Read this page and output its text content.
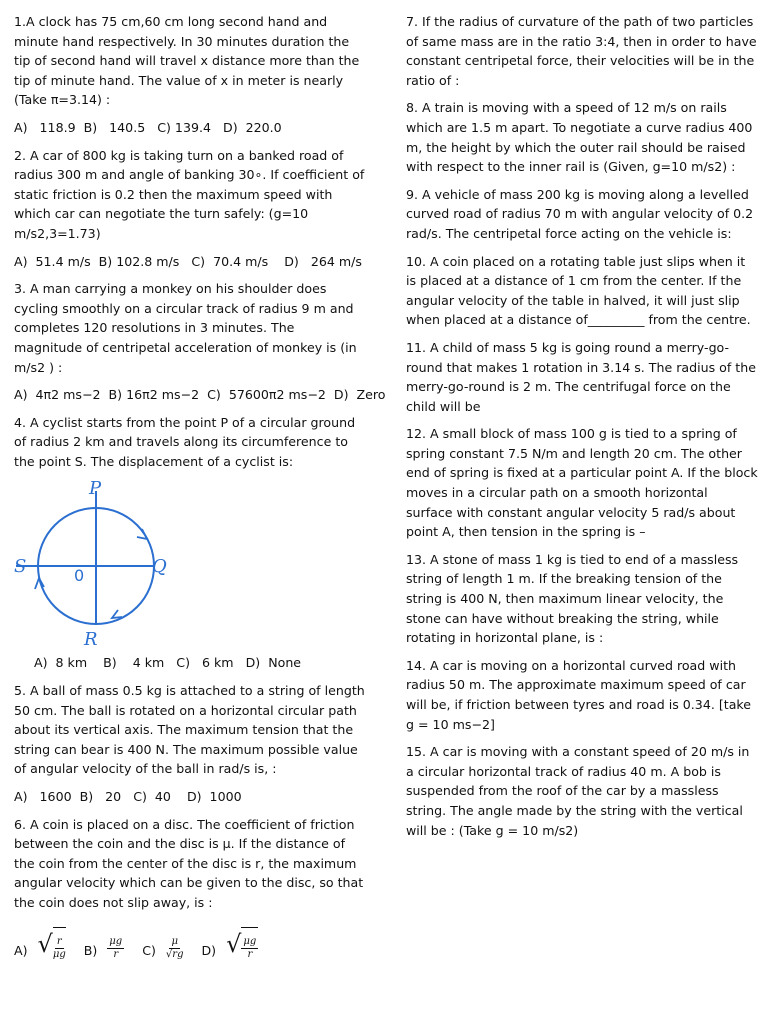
1.A clock has 75 cm,60 cm long second hand and minute hand respectively. In 30 minutes duration the tip of second hand will travel x distance more than the tip of minute hand. The value of x in meter is nearly

(Take π=3.14) :

A)   118.9  B)   140.5   C) 139.4   D)  220.0

2. A car of 800 kg is taking turn on a banked road of radius 300 m and angle of banking 30∘. If coefficient of static friction is 0.2 then the maximum speed with which car can negotiate the turn safely: (g=10 m/s2,3=1.73)

A)  51.4 m/s  B) 102.8 m/s   C)  70.4 m/s    D)   264 m/s

3. A man carrying a monkey on his shoulder does cycling smoothly on a circular track of radius 9 m and completes 120 resolutions in 3 minutes. The magnitude of centripetal acceleration of monkey is (in m/s2 ) :

A)  4π2 ms−2  B) 16π2 ms−2  C)  57600π2 ms−2  D)  Zero

4. A cyclist starts from the point P of a circular ground of radius 2 km and travels along its circumference to the point S. The displacement of a cyclist is:

P
Q
R
S	0
A)  8 km    B)    4 km   C)   6 km   D)  None

5. A ball of mass 0.5 kg is attached to a string of length 50 cm. The ball is rotated on a horizontal circular path about its vertical axis. The maximum tension that the string can bear is 400 N. The maximum possible value of angular velocity of the ball in rad/s is, :

A)   1600  B)   20   C)  40    D)  1000

6. A coin is placed on a disc. The coefficient of friction between the coin and the disc is μ. If the distance of the coin from the center of the disc is r, the maximum angular velocity which can be given to the disc, so that the coin does not slip away, is :

A) √ $\frac{r}{\mu g} B) \frac{\mu g}{r} C) \frac{\mu}{√rg} D$) √ $\frac{\mu g}{r}$

7. If the radius of curvature of the path of two particles of same mass are in the ratio 3:4, then in order to have constant centripetal force, their velocities will be in the ratio of :

8. A train is moving with a speed of 12 m/s on rails which are 1.5 m apart. To negotiate a curve radius 400 m, the height by which the outer rail should be raised with respect to the inner rail is (Given, g=10 m/s2) :

9. A vehicle of mass 200 kg is moving along a levelled curved road of radius 70 m with angular velocity of 0.2 rad/s. The centripetal force acting on the vehicle is:

10. A coin placed on a rotating table just slips when it is placed at a distance of 1 cm from the center. If the angular velocity of the table in halved, it will just slip when placed at a distance of_________ from the centre.

11. A child of mass 5 kg is going round a merry-go-round that makes 1 rotation in 3.14 s. The radius of the merry-go-round is 2 m. The centrifugal force on the child will be

12. A small block of mass 100 g is tied to a spring of spring constant 7.5 N/m and length 20 cm. The other end of spring is fixed at a particular point A. If the block moves in a circular path on a smooth horizontal surface with constant angular velocity 5 rad/s about point A, then tension in the spring is –

13. A stone of mass 1 kg is tied to end of a massless string of length 1 m. If the breaking tension of the string is 400 N, then maximum linear velocity, the stone can have without breaking the string, while rotating in horizontal plane, is :

14. A car is moving on a horizontal curved road with radius 50 m. The approximate maximum speed of car will be, if friction between tyres and road is 0.34. [take g = 10 ms−2]

15. A car is moving with a constant speed of 20 m/s in a circular horizontal track of radius 40 m. A bob is suspended from the roof of the car by a massless string. The angle made by the string with the vertical will be : (Take g = 10 m/s2)
